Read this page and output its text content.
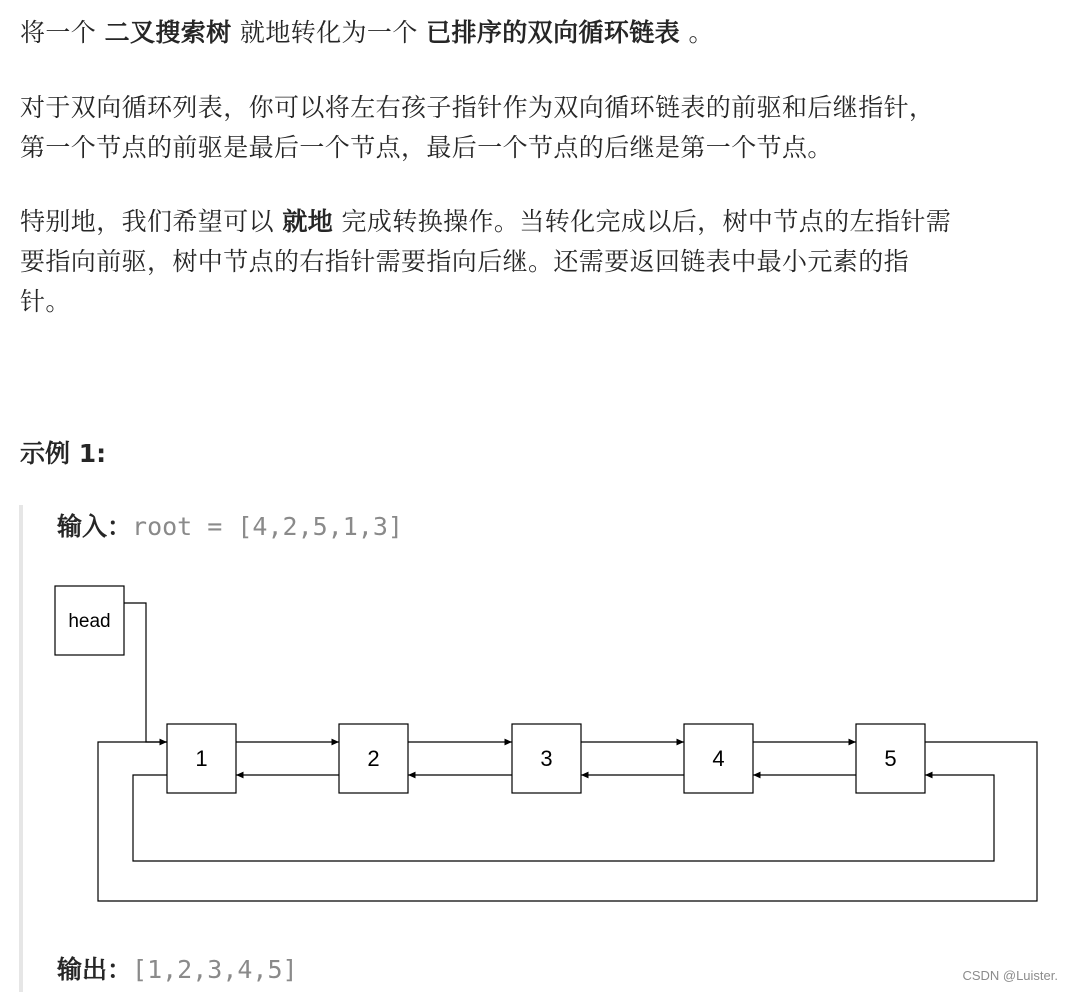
将一个 二叉搜索树 就地转化为一个 已排序的双向循环链表 。

对于双向循环列表，你可以将左右孩子指针作为双向循环链表的前驱和后继指针，
第一个节点的前驱是最后一个节点，最后一个节点的后继是第一个节点。

特别地，我们希望可以 就地 完成转换操作。当转化完成以后，树中节点的左指针需
要指向前驱，树中节点的右指针需要指向后继。还需要返回链表中最小元素的指
针。

示例 1:
输入：root = [4,2,5,1,3]
head
1	2	3	4	5
输出：[1,2,3,4,5]	CSDN @Luister.
